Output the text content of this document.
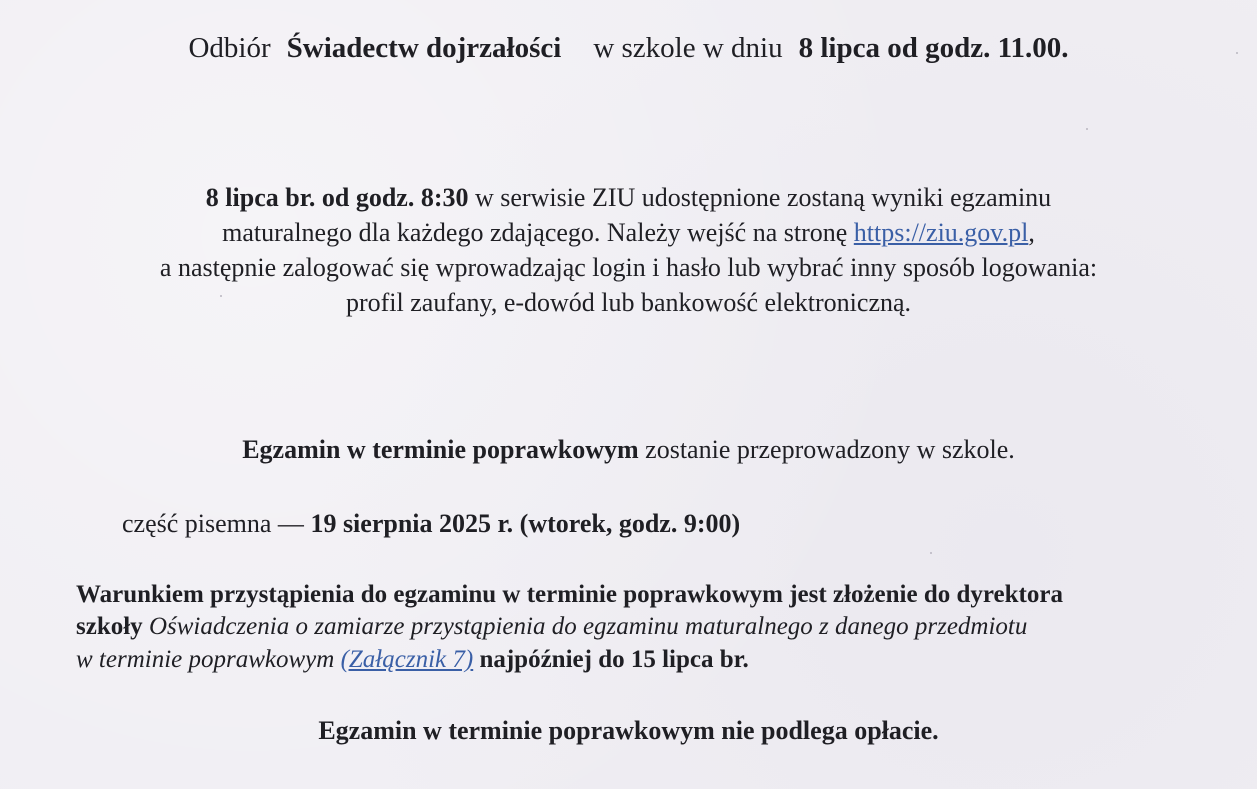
Odbiór Świadectw dojrzałości w szkole w dniu 8 lipca od godz. 11.00.
8 lipca br. od godz. 8:30 w serwisie ZIU udostępnione zostaną wyniki egzaminu
maturalnego dla każdego zdającego. Należy wejść na stronę https://ziu.gov.pl,
a następnie zalogować się wprowadzając login i hasło lub wybrać inny sposób logowania:
profil zaufany, e-dowód lub bankowość elektroniczną.
Egzamin w terminie poprawkowym zostanie przeprowadzony w szkole.
część pisemna — 19 sierpnia 2025 r. (wtorek, godz. 9:00)
Warunkiem przystąpienia do egzaminu w terminie poprawkowym jest złożenie do dyrektora
szkoły Oświadczenia o zamiarze przystąpienia do egzaminu maturalnego z danego przedmiotu
w terminie poprawkowym (Załącznik 7) najpóźniej do 15 lipca br.
Egzamin w terminie poprawkowym nie podlega opłacie.
